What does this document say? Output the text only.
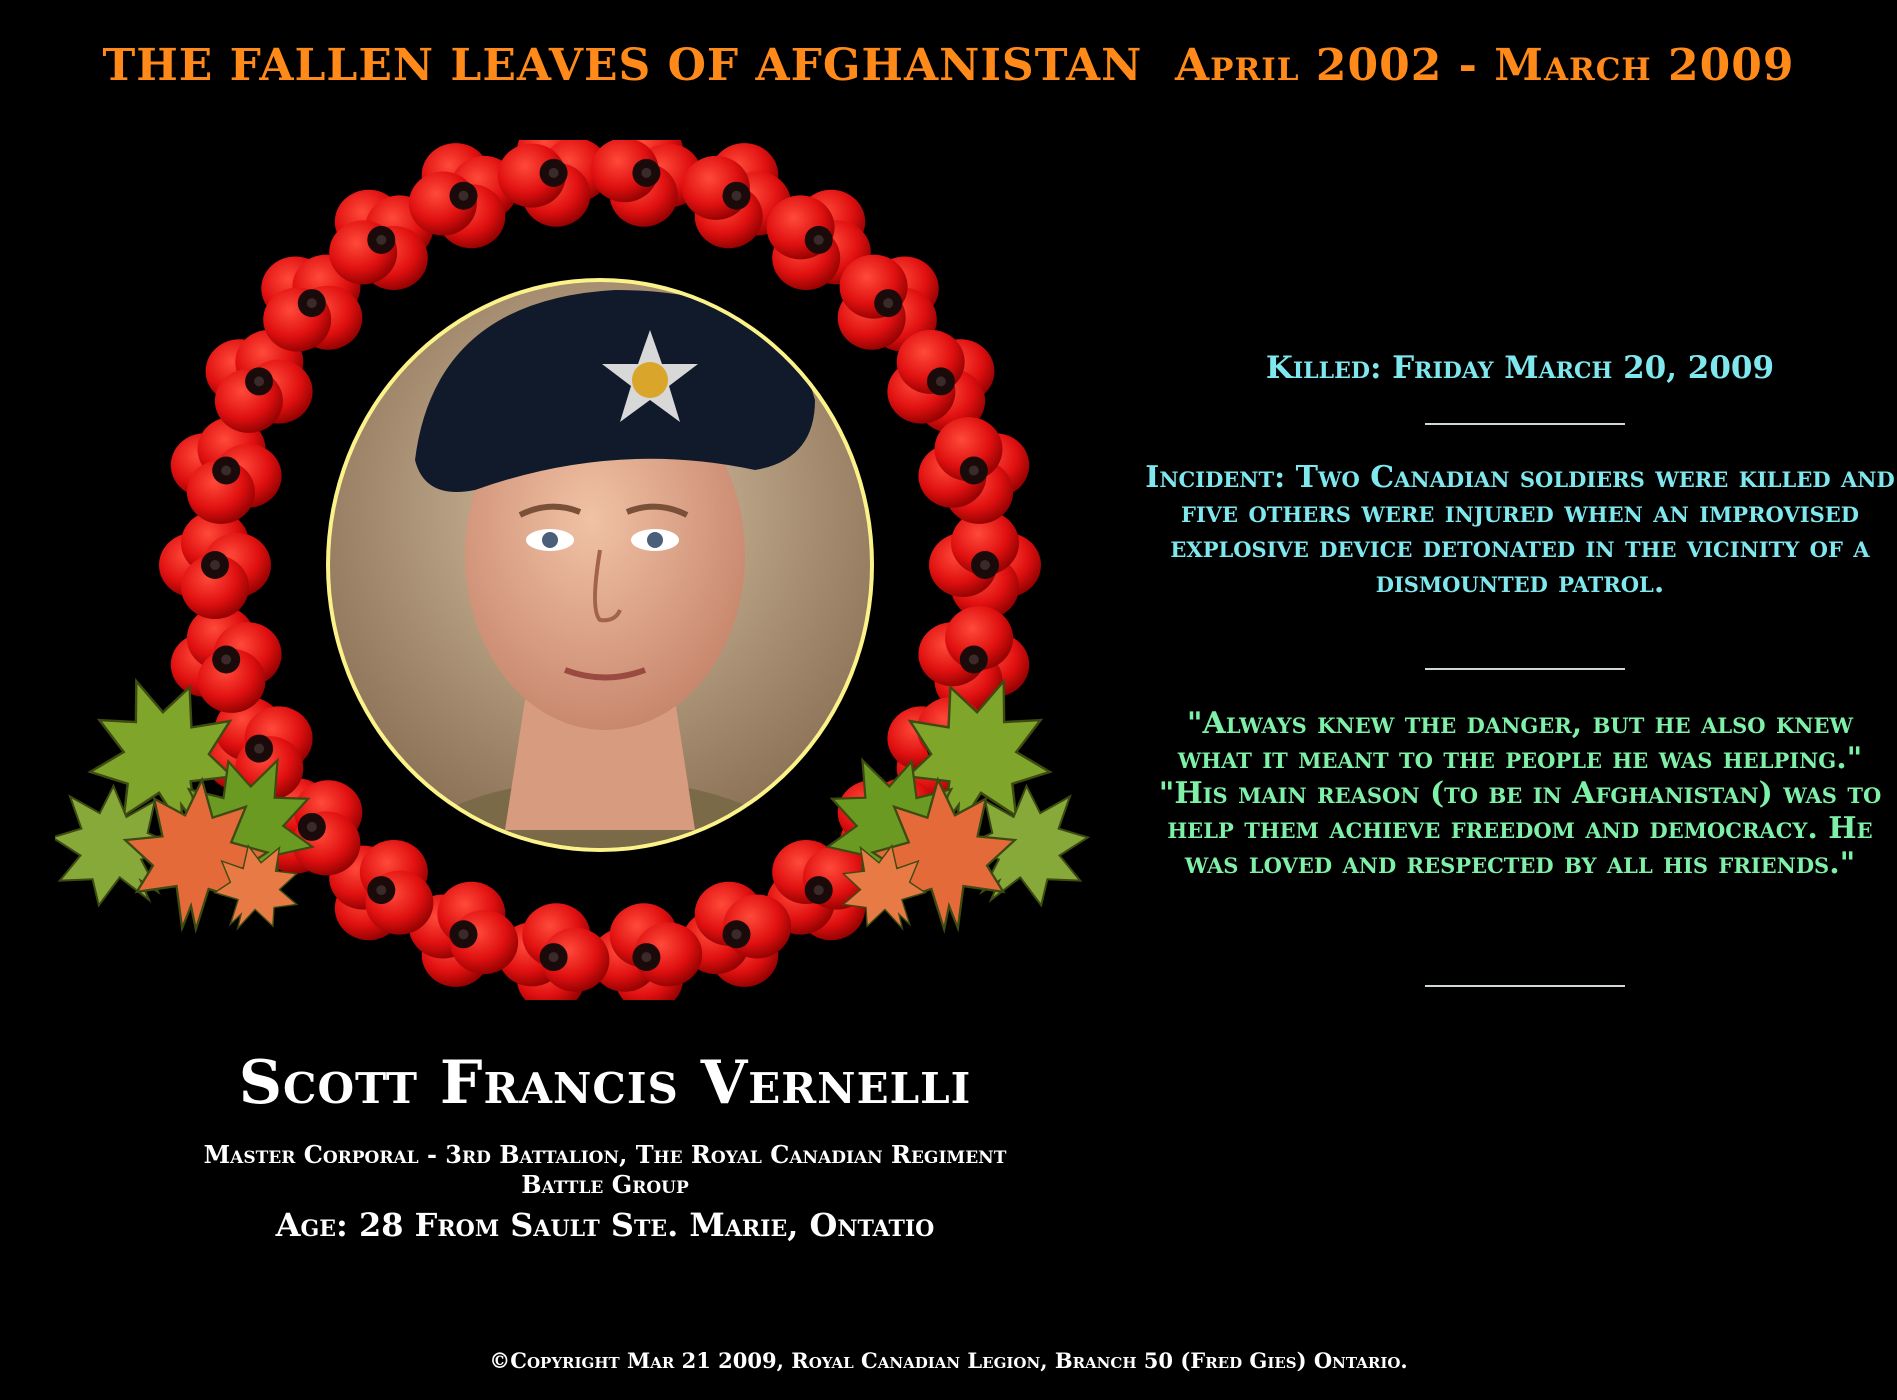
THE FALLEN LEAVES OF AFGHANISTAN April 2002 - March 2009
Killed: Friday March 20, 2009
Incident: Two Canadian soldiers were killed and five others were injured when an improvised explosive device detonated in the vicinity of a dismounted patrol.
"Always knew the danger, but he also knew what it meant to the people he was helping." "His main reason (to be in Afghanistan) was to help them achieve freedom and democracy. He was loved and respected by all his friends."
Scott Francis Vernelli
Master Corporal - 3rd Battalion, The Royal Canadian Regiment
Battle Group
Age: 28 From Sault Ste. Marie, Ontatio
©Copyright Mar 21 2009, Royal Canadian Legion, Branch 50 (Fred Gies) Ontario.
